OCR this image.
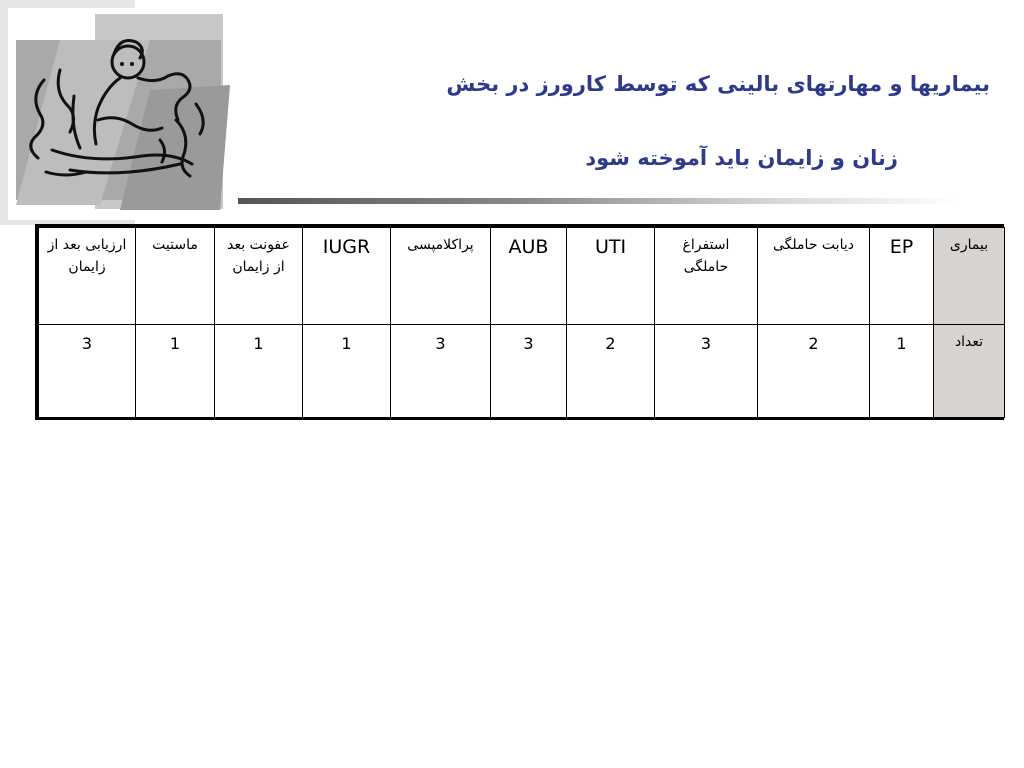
بیماریها و مهارتهای بالینی که توسط کارورز در بخش
زنان و زایمان باید آموخته شود
بیماری	EP	دیابت حاملگی	استفراغ حاملگی	UTI	AUB	پراکلامپسی	IUGR	عفونت بعد از زایمان	ماستیت	ارزیابی بعد از زایمان
تعداد	1	2	3	2	3	3	1	1	1	3
